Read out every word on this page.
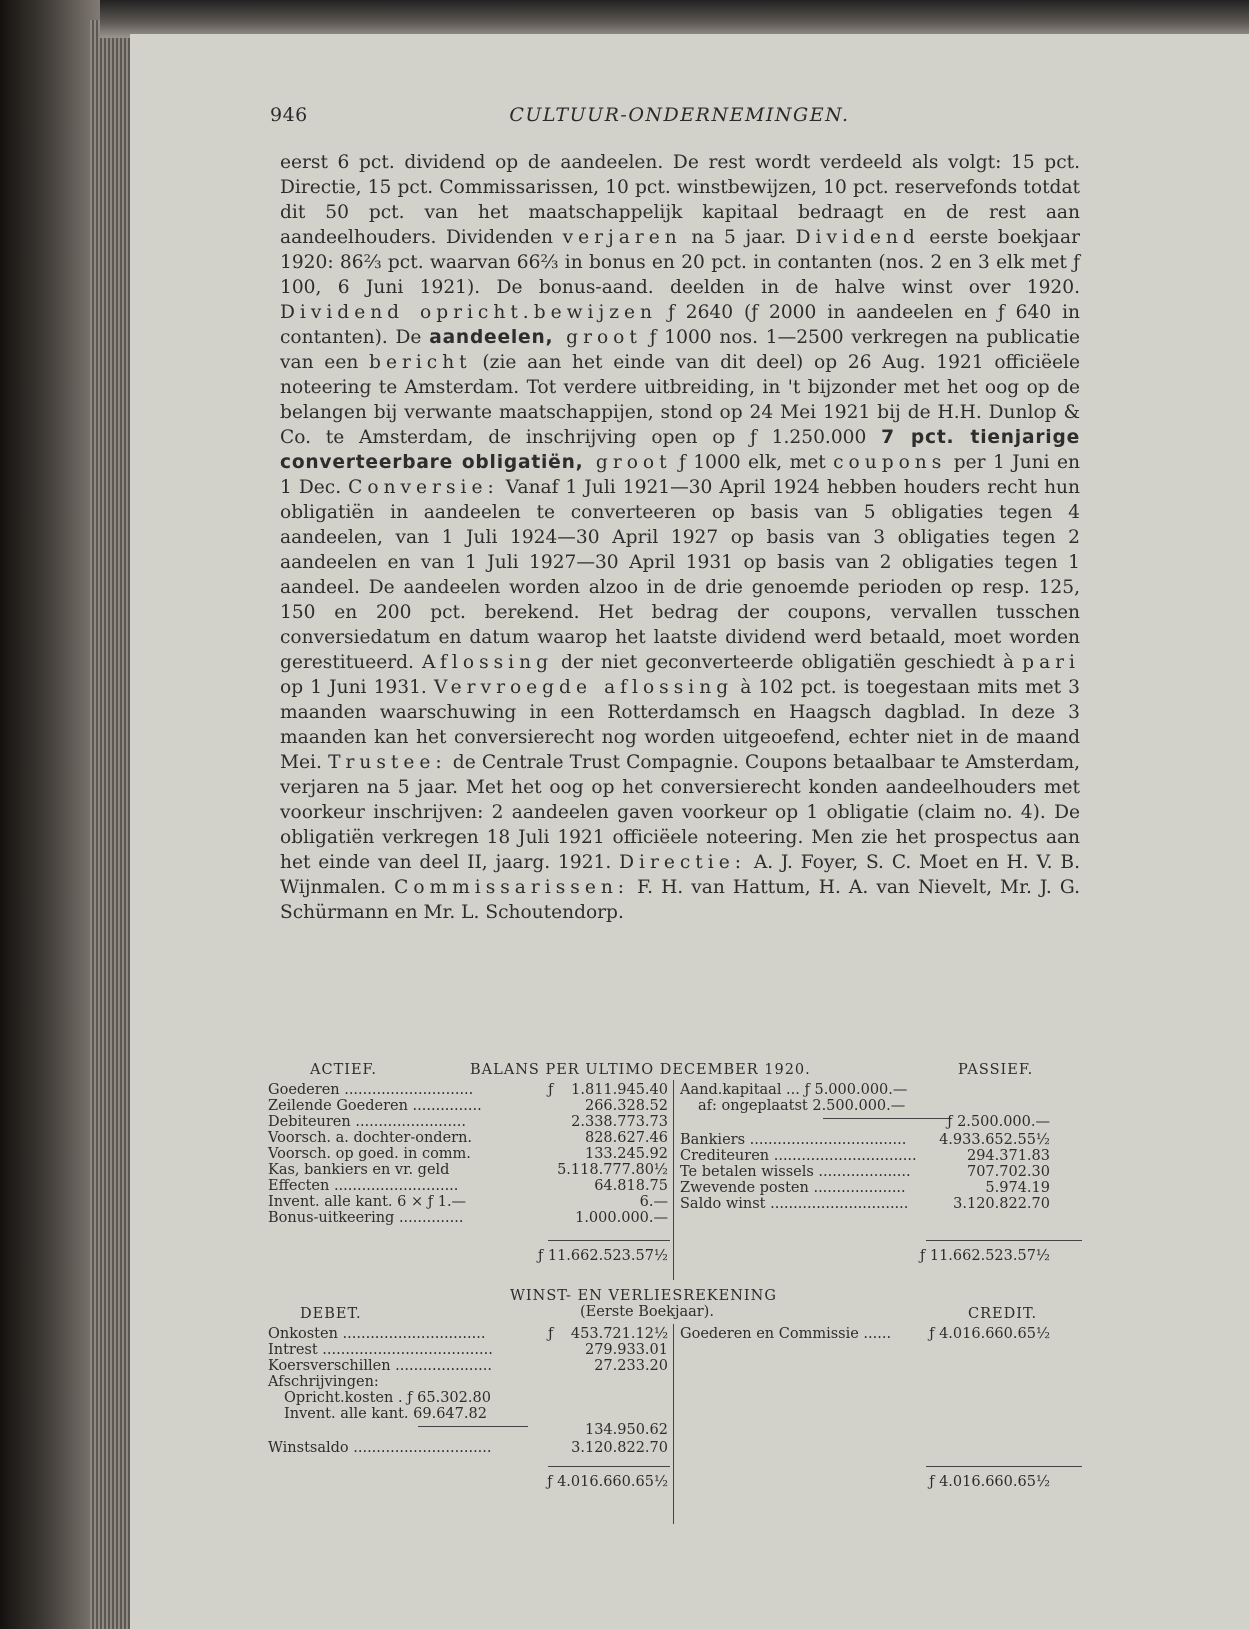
946	CULTUUR-ONDERNEMINGEN.
eerst 6 pct. dividend op de aandeelen. De rest wordt verdeeld als volgt: 15 pct. Directie, 15 pct. Commissarissen, 10 pct. winstbewijzen, 10 pct. reservefonds totdat dit 50 pct. van het maatschappelijk kapitaal bedraagt en de rest aan aandeelhouders. Dividenden verjaren na 5 jaar. Dividend eerste boekjaar 1920: 86⅔ pct. waarvan 66⅔ in bonus en 20 pct. in contanten (nos. 2 en 3 elk met ƒ 100, 6 Juni 1921). De bonus-aand. deelden in de halve winst over 1920. Dividend opricht.bewijzen ƒ 2640 (ƒ 2000 in aandeelen en ƒ 640 in contanten). De aandeelen, groot ƒ 1000 nos. 1—2500 verkregen na publicatie van een bericht (zie aan het einde van dit deel) op 26 Aug. 1921 officiëele noteering te Amsterdam. Tot verdere uitbreiding, in 't bijzonder met het oog op de belangen bij verwante maatschappijen, stond op 24 Mei 1921 bij de H.H. Dunlop & Co. te Amsterdam, de inschrijving open op ƒ 1.250.000 7 pct. tienjarige converteerbare obligatiën, groot ƒ 1000 elk, met coupons per 1 Juni en 1 Dec. Conversie: Vanaf 1 Juli 1921—30 April 1924 hebben houders recht hun obligatiën in aandeelen te converteeren op basis van 5 obligaties tegen 4 aandeelen, van 1 Juli 1924—30 April 1927 op basis van 3 obligaties tegen 2 aandeelen en van 1 Juli 1927—30 April 1931 op basis van 2 obligaties tegen 1 aandeel. De aandeelen worden alzoo in de drie genoemde perioden op resp. 125, 150 en 200 pct. berekend. Het bedrag der coupons, vervallen tusschen conversiedatum en datum waarop het laatste dividend werd betaald, moet worden gerestitueerd. Aflossing der niet geconverteerde obligatiën geschiedt à pari op 1 Juni 1931. Vervroegde aflossing à 102 pct. is toegestaan mits met 3 maanden waarschuwing in een Rotterdamsch en Haagsch dagblad. In deze 3 maanden kan het conversierecht nog worden uitgeoefend, echter niet in de maand Mei. Trustee: de Centrale Trust Compagnie. Coupons betaalbaar te Amsterdam, verjaren na 5 jaar. Met het oog op het conversierecht konden aandeelhouders met voorkeur inschrijven: 2 aandeelen gaven voorkeur op 1 obligatie (claim no. 4). De obligatiën verkregen 18 Juli 1921 officiëele noteering. Men zie het prospectus aan het einde van deel II, jaarg. 1921. Directie: A. J. Foyer, S. C. Moet en H. V. B. Wijnmalen. Commissarissen: F. H. van Hattum, H. A. van Nievelt, Mr. J. G. Schürmann en Mr. L. Schoutendorp.
ACTIEF.	BALANS PER ULTIMO DECEMBER 1920.	PASSIEF.
ƒ
Goederen ............................	1.811.945.40
Zeilende Goederen ...............	266.328.52
Debiteuren ........................	2.338.773.73
Voorsch. a. dochter-ondern.	828.627.46
Voorsch. op goed. in comm.	133.245.92
Kas, bankiers en vr. geld	5.118.777.80½
Effecten ...........................	64.818.75
Invent. alle kant. 6 × ƒ 1.—	6.—
Bonus-uitkeering ..............	1.000.000.—
Aand.kapitaal ... ƒ 5.000.000.—
af: ongeplaatst 2.500.000.—
ƒ 2.500.000.—
Bankiers .................................. 4.933.652.55½
Crediteuren ...............................	294.371.83
Te betalen wissels ....................	707.702.30
Zwevende posten ....................	5.974.19
Saldo winst ..............................	3.120.822.70
ƒ 11.662.523.57½	ƒ 11.662.523.57½
WINST- EN VERLIESREKENING
(Eerste Boekjaar).
DEBET.	CREDIT.
ƒ
Onkosten ...............................	453.721.12½
Intrest .....................................	279.933.01
Koersverschillen .....................	27.233.20
Afschrijvingen:
Opricht.kosten . ƒ 65.302.80
Invent. alle kant. 69.647.82
134.950.62
Winstsaldo ..............................	3.120.822.70
Goederen en Commissie ......	ƒ 4.016.660.65½
ƒ 4.016.660.65½	ƒ 4.016.660.65½
